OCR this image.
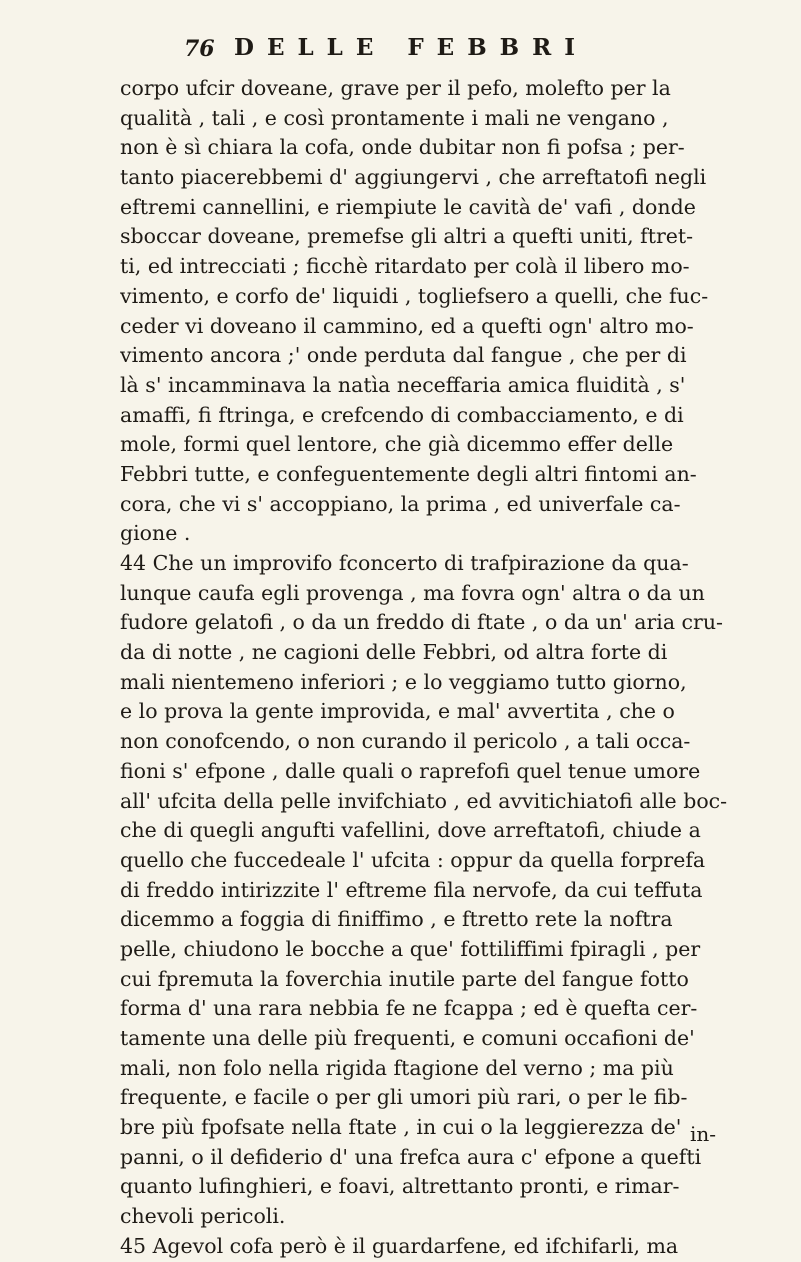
76 DELLE FEBBRI
corpo ufcir doveane, grave per il pefo, molefto per la
qualità , tali , e così prontamente i mali ne vengano ,
non è sì chiara la cofa, onde dubitar non fi pofsa ; per-
tanto piacerebbemi d' aggiungervi , che arreftatofi negli
eftremi cannellini, e riempiute le cavità de' vafi , donde
sboccar doveane, premefse gli altri a quefti uniti, ftret-
ti, ed intrecciati ; ficchè ritardato per colà il libero mo-
vimento, e corfo de' liquidi , togliefsero a quelli, che fuc-
ceder vi doveano il cammino, ed a quefti ogn' altro mo-
vimento ancora ;' onde perduta dal fangue , che per di
là s' incamminava la natìa neceffaria amica fluidità , s'
amaffi, fi ftringa, e crefcendo di combacciamento, e di
mole, formi quel lentore, che già dicemmo effer delle
Febbri tutte, e confeguentemente degli altri fintomi an-
cora, che vi s' accoppiano, la prima , ed univerfale ca-
gione .
44 Che un improvifo fconcerto di trafpirazione da qua-
lunque caufa egli provenga , ma fovra ogn' altra o da un
fudore gelatofi , o da un freddo di ftate , o da un' aria cru-
da di notte , ne cagioni delle Febbri, od altra forte di
mali nientemeno inferiori ; e lo veggiamo tutto giorno,
e lo prova la gente improvida, e mal' avvertita , che o
non conofcendo, o non curando il pericolo , a tali occa-
fioni s' efpone , dalle quali o raprefofi quel tenue umore
all' ufcita della pelle invifchiato , ed avvitichiatofi alle boc-
che di quegli angufti vafellini, dove arreftatofi, chiude a
quello che fuccedeale l' ufcita : oppur da quella forprefa
di freddo intirizzite l' eftreme fila nervofe, da cui teffuta
dicemmo a foggia di finiffimo , e ftretto rete la noftra
pelle, chiudono le bocche a que' fottiliffimi fpiragli , per
cui fpremuta la foverchia inutile parte del fangue fotto
forma d' una rara nebbia fe ne fcappa ; ed è quefta cer-
tamente una delle più frequenti, e comuni occafioni de'
mali, non folo nella rigida ftagione del verno ; ma più
frequente, e facile o per gli umori più rari, o per le fib-
bre più fpofsate nella ftate , in cui o la leggierezza de'
panni, o il defiderio d' una frefca aura c' efpone a quefti
quanto lufinghieri, e foavi, altrettanto pronti, e rimar-
chevoli pericoli.
45 Agevol cofa però è il guardarfene, ed ifchifarli, ma
in-
